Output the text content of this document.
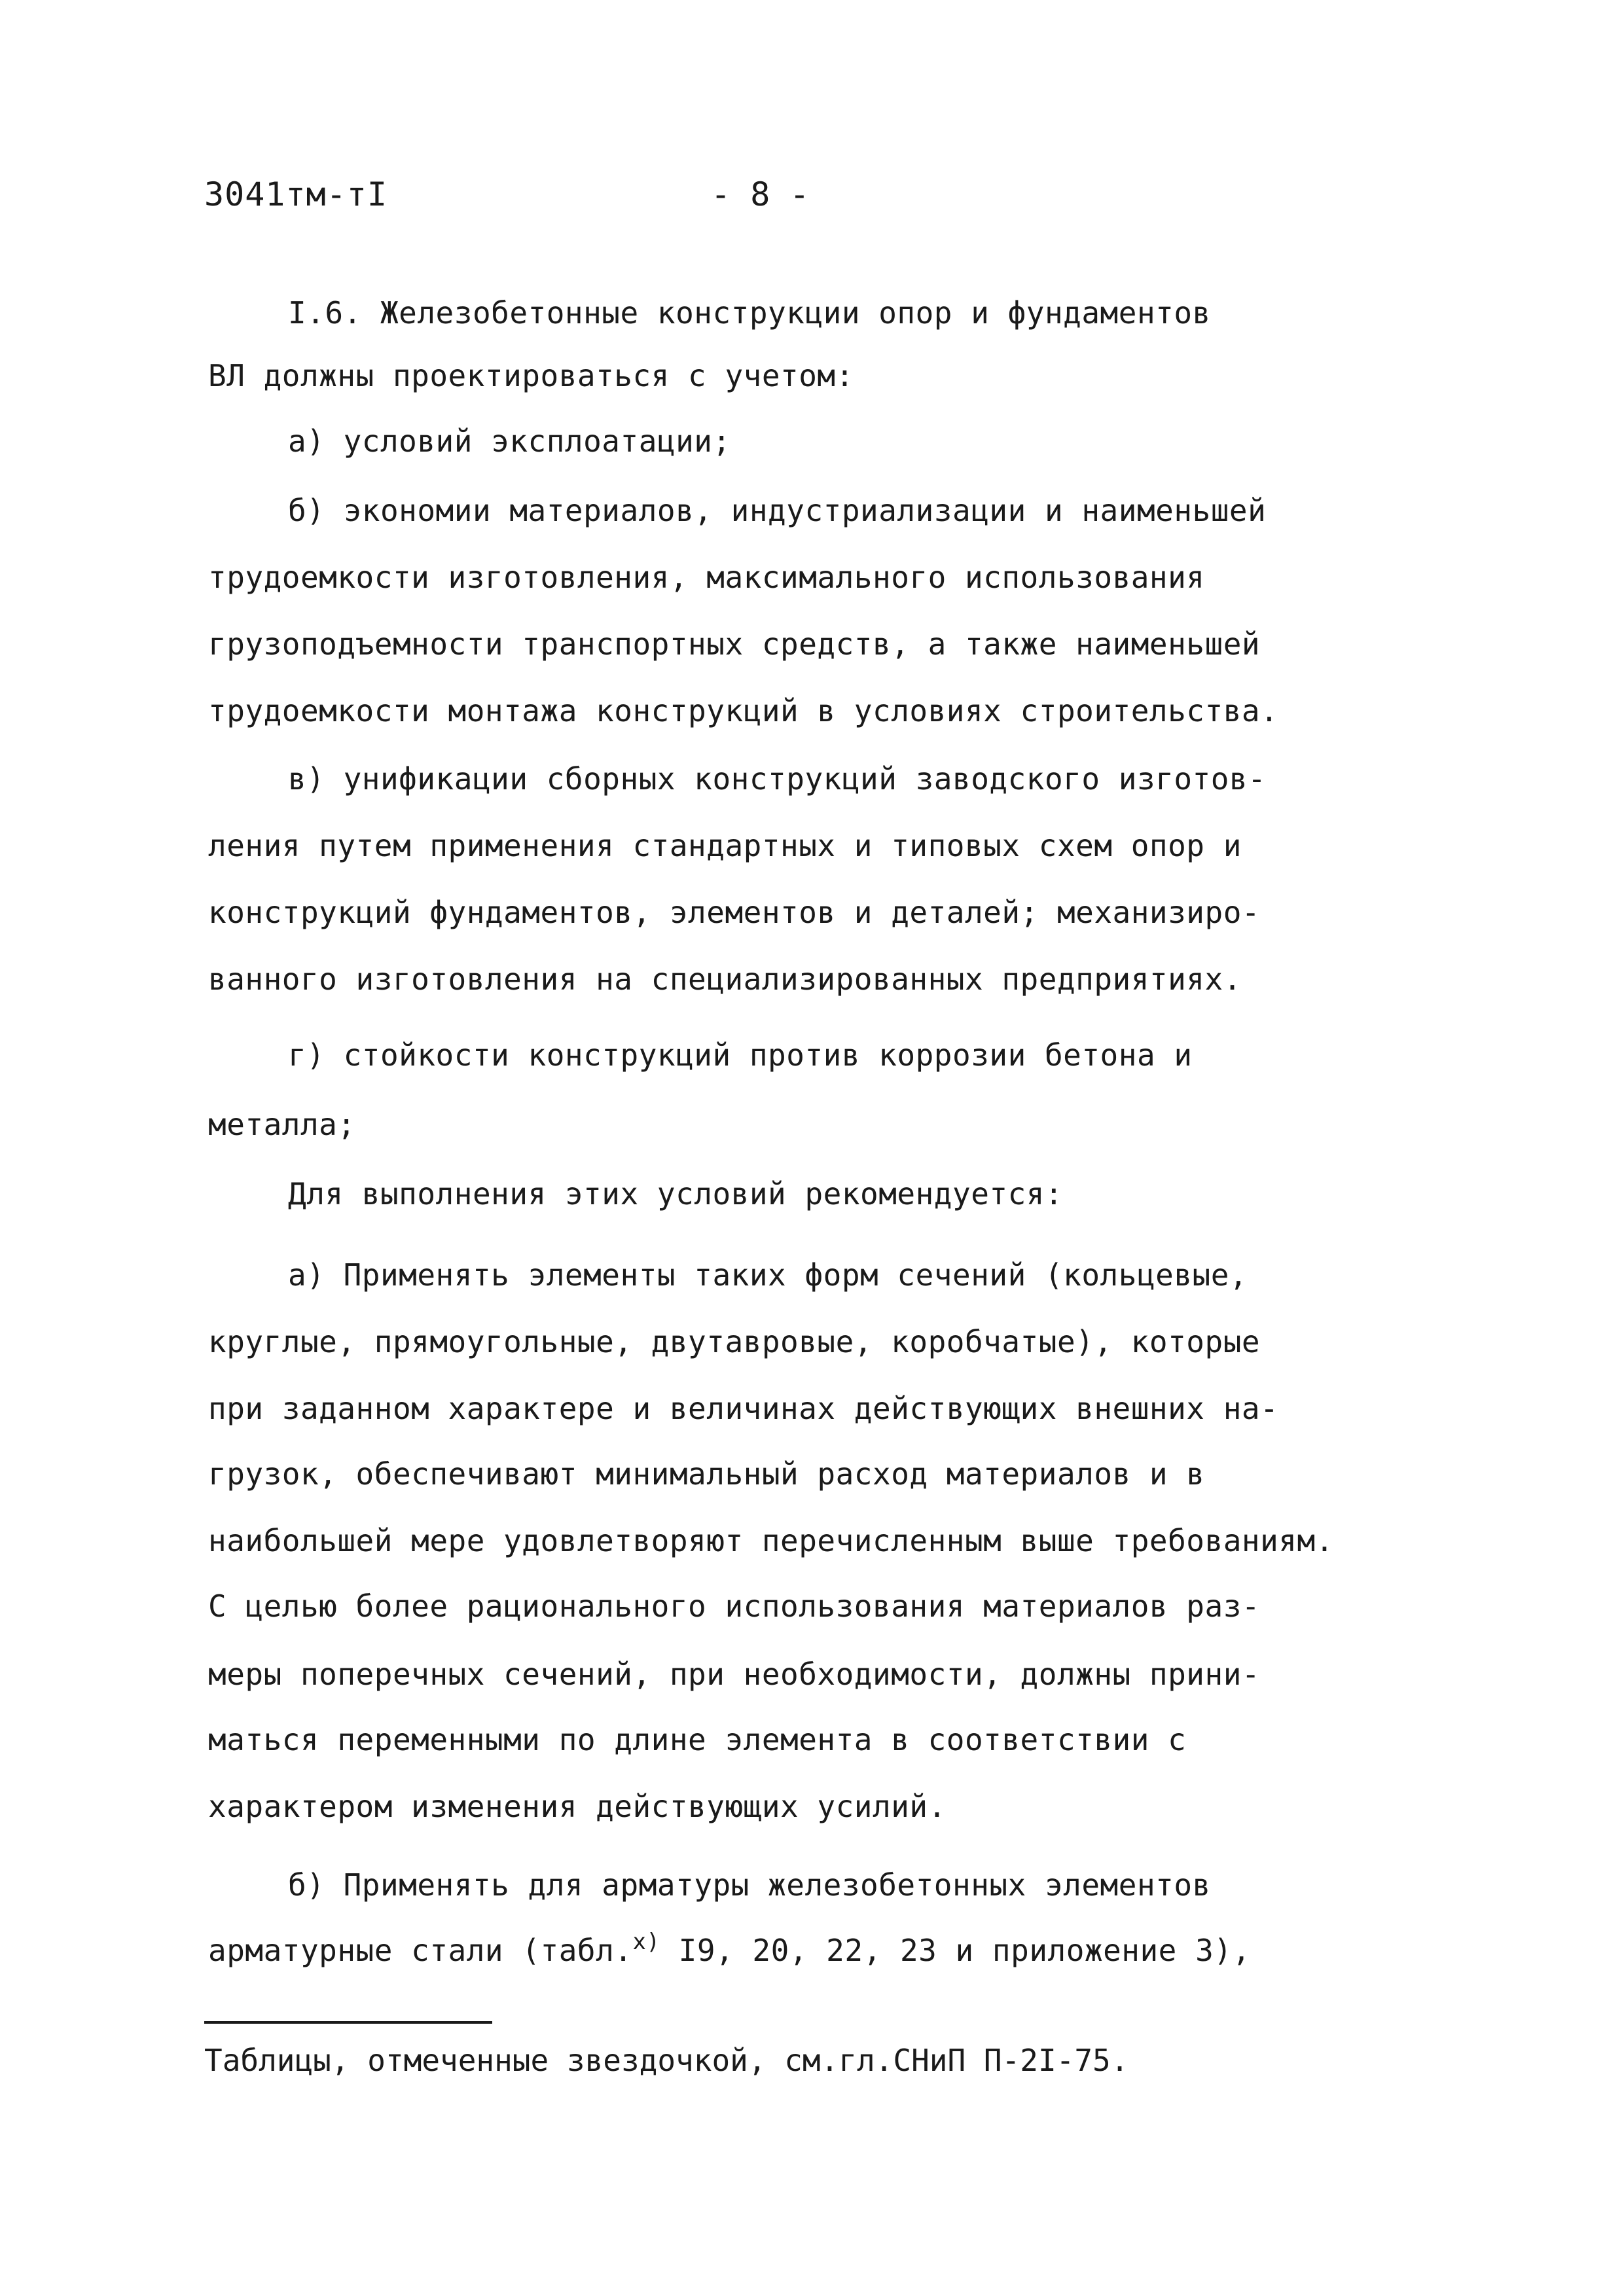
3041тм-тI	- 8 -
I.6. Железобетонные конструкции опор и фундаментов
ВЛ должны проектироваться с учетом:
а) условий эксплоатации;
б) экономии материалов, индустриализации и наименьшей
трудоемкости изготовления, максимального использования
грузоподъемности транспортных средств, а также наименьшей
трудоемкости монтажа конструкций в условиях строительства.
в) унификации сборных конструкций заводского изготов-
ления путем применения стандартных и типовых схем опор и
конструкций фундаментов, элементов и деталей; механизиро-
ванного изготовления на специализированных предприятиях.
г) стойкости конструкций против коррозии бетона и
металла;
Для выполнения этих условий рекомендуется:
а) Применять элементы таких форм сечений (кольцевые,
круглые, прямоугольные, двутавровые, коробчатые), которые
при заданном характере и величинах действующих внешних на-
грузок, обеспечивают минимальный расход материалов и в
наибольшей мере удовлетворяют перечисленным выше требованиям.
С целью более рационального использования материалов раз-
меры поперечных сечений, при необходимости, должны прини-
маться переменными по длине элемента в соответствии с
характером изменения действующих усилий.
б) Применять для арматуры железобетонных элементов
арматурные стали (табл.$^{x)}$ I9, 20, 22, 23 и приложение 3),
Таблицы, отмеченные звездочкой, см.гл.СНиП П-2I-75.
